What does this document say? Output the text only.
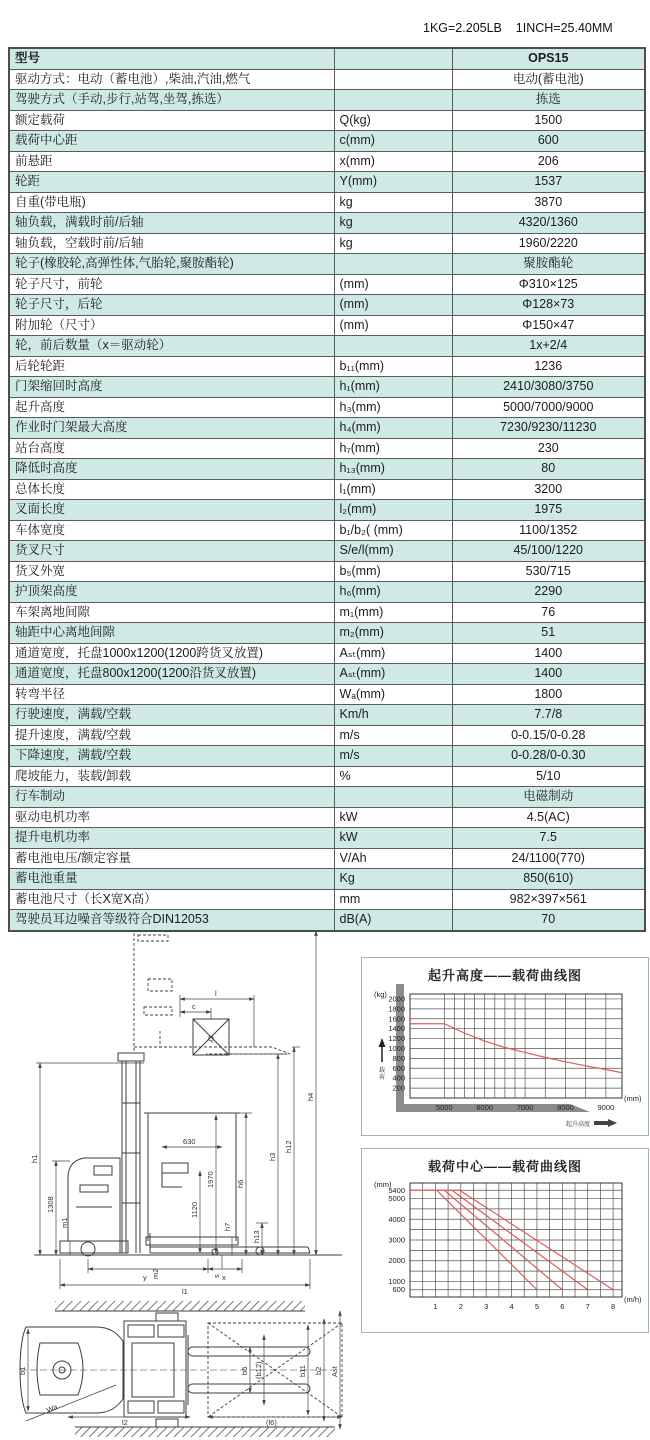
1KG=2.205LB    1INCH=25.40MM
型号		OPS15
驱动方式：电动（蓄电池）,柴油,汽油,燃气		电动(蓄电池)
驾驶方式（手动,步行,站驾,坐驾,拣选）		拣选
额定载荷	Q(kg)	1500
载荷中心距	c(mm)	600
前悬距	x(mm)	206
轮距	Y(mm)	1537
自重(带电瓶)	kg	3870
轴负载，满载时前/后轴	kg	4320/1360
轴负载，空载时前/后轴	kg	1960/2220
轮子(橡胶轮,高弹性体,气胎轮,聚胺酯轮)		聚胺酯轮
轮子尺寸，前轮	(mm)	Φ310×125
轮子尺寸，后轮	(mm)	Φ128×73
附加轮（尺寸）	(mm)	Φ150×47
轮，前后数量（x＝驱动轮）		1x+2/4
后轮轮距	b₁₁(mm)	1236
门架缩回时高度	h₁(mm)	2410/3080/3750
起升高度	h₃(mm)	5000/7000/9000
作业时门架最大高度	h₄(mm)	7230/9230/11230
站台高度	h₇(mm)	230
降低时高度	h₁₃(mm)	80
总体长度	l₁(mm)	3200
叉面长度	l₂(mm)	1975
车体宽度	b₁/b₂( (mm)	1100/1352
货叉尺寸	S/e/l(mm)	45/100/1220
货叉外宽	b₅(mm)	530/715
护顶架高度	h₆(mm)	2290
车架离地间隙	m₁(mm)	76
轴距中心离地间隙	m₂(mm)	51
通道宽度，托盘1000x1200(1200跨货叉放置)	Aₛₜ(mm)	1400
通道宽度，托盘800x1200(1200沿货叉放置)	Aₛₜ(mm)	1400
转弯半径	Wₐ(mm)	1800
行驶速度，满载/空载	Km/h	7.7/8
提升速度，满载/空载	m/s	0-0.15/0-0.28
下降速度，满载/空载	m/s	0-0.28/0-0.30
爬坡能力，装载/卸载	%	5/10
行车制动		电磁制动
驱动电机功率	kW	4.5(AC)
提升电机功率	kW	7.5
蓄电池电压/额定容量	V/Ah	24/1100(770)
蓄电池重量	Kg	850(610)
蓄电池尺寸（长X宽X高）	mm	982×397×561
驾驶员耳边噪音等级符合DIN12053	dB(A)	70
Q
l
c
h1
1308
m1
630
1120
1970
h7
s
h6
h13
h3
h12
h4
m2
y	x
l1
b1
Wa
l2	(l6)
b5 (b12)	b11 b2 Ast
起升高度——载荷曲线图
5000	6000	7000	8000	9000
200
400
600
800
1000
1200
1400
1600
1800
2000
(kg)
(mm)
载荷
起升高度
载荷中心——载荷曲线图
1	2	3	4	5	6	7	8
600
1000
2000
3000
4000
5000
5400
(mm)
(m/h)
